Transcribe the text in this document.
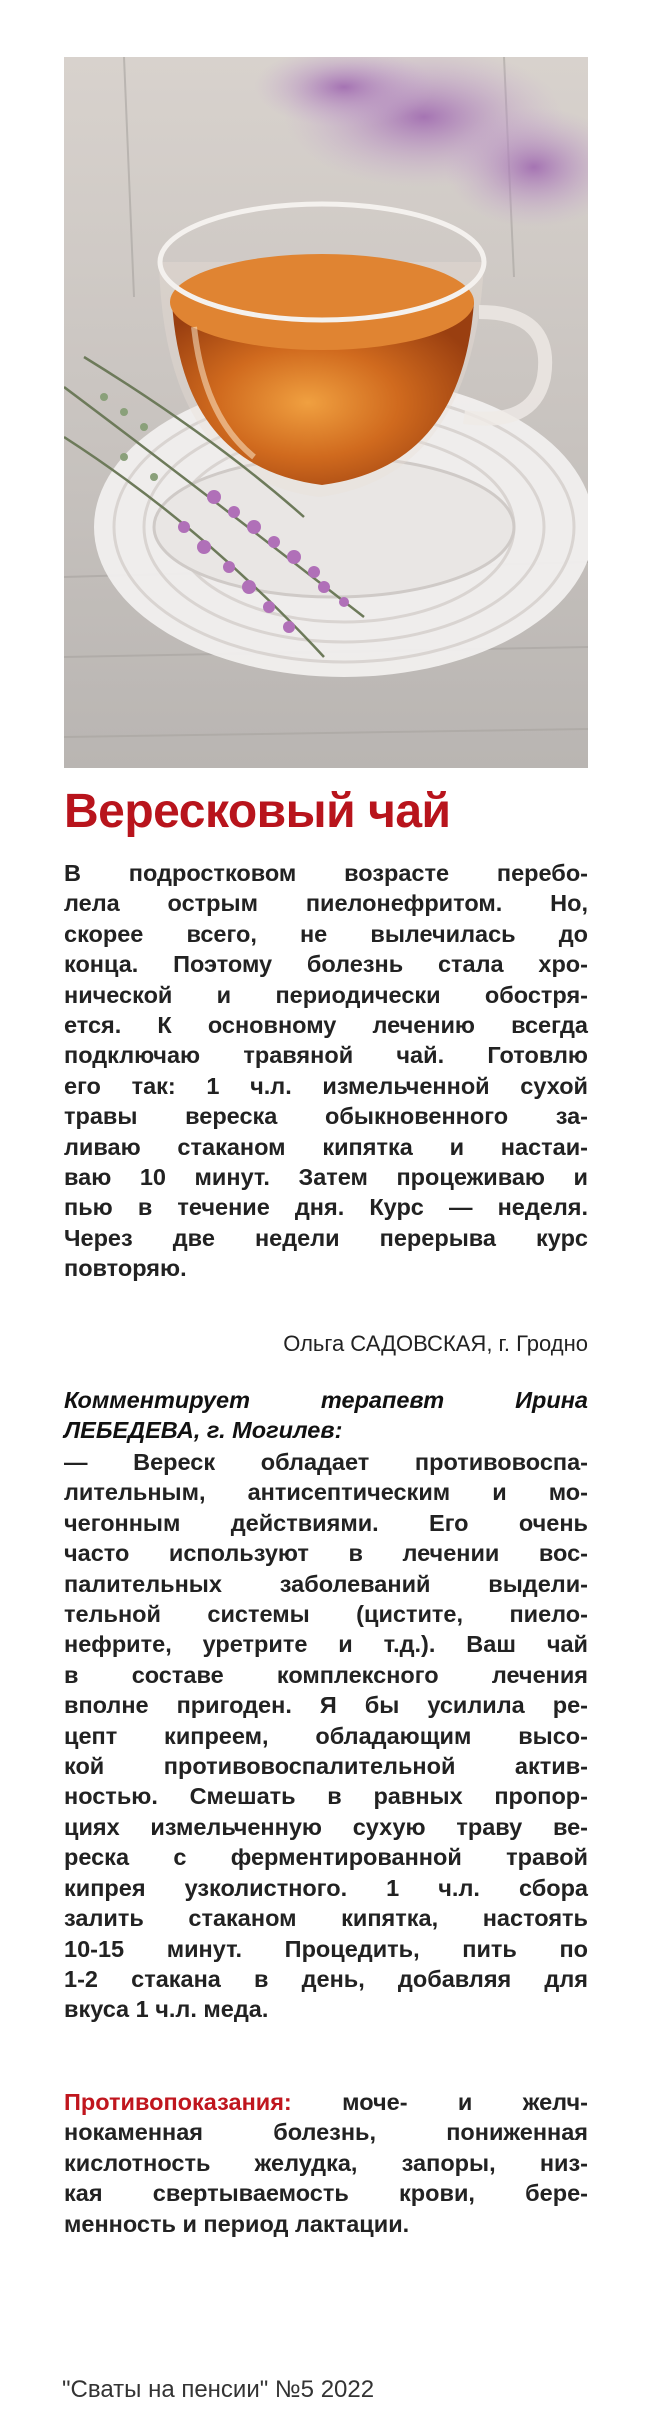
Вересковый чай
В подростковом возрасте перебо-
лела острым пиелонефритом. Но,
скорее всего, не вылечилась до
конца. Поэтому болезнь стала хро-
нической и периодически обостря-
ется. К основному лечению всегда
подключаю травяной чай. Готовлю
его так: 1 ч.л. измельченной сухой
травы вереска обыкновенного за-
ливаю стаканом кипятка и настаи-
ваю 10 минут. Затем процеживаю и
пью в течение дня. Курс — неделя.
Через две недели перерыва курс
повторяю.
Ольга САДОВСКАЯ, г. Гродно
Комментирует терапевт Ирина
ЛЕБЕДЕВА, г. Могилев:
— Вереск обладает противовоспа-
лительным, антисептическим и мо-
чегонным действиями. Его очень
часто используют в лечении вос-
палительных заболеваний выдели-
тельной системы (цистите, пиело-
нефрите, уретрите и т.д.). Ваш чай
в составе комплексного лечения
вполне пригоден. Я бы усилила ре-
цепт кипреем, обладающим высо-
кой противовоспалительной актив-
ностью. Смешать в равных пропор-
циях измельченную сухую траву ве-
реска с ферментированной травой
кипрея узколистного. 1 ч.л. сбора
залить стаканом кипятка, настоять
10-15 минут. Процедить, пить по
1-2 стакана в день, добавляя для
вкуса 1 ч.л. меда.
Противопоказания: моче- и желч-
нокаменная болезнь, пониженная
кислотность желудка, запоры, низ-
кая свертываемость крови, бере-
менность и период лактации.
"Сваты на пенсии" №5 2022
